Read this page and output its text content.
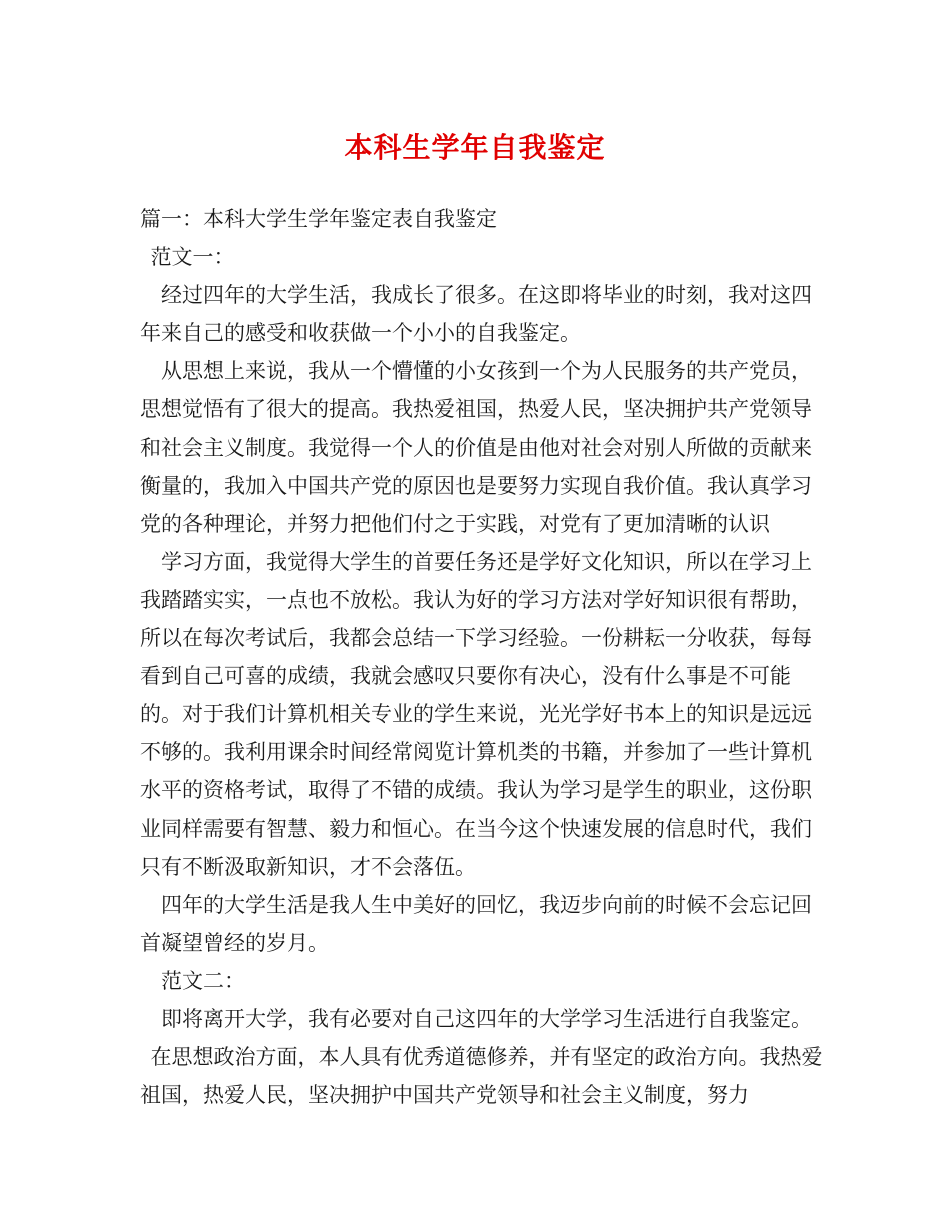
本科生学年自我鉴定

篇一：本科大学生学年鉴定表自我鉴定

范文一：

经过四年的大学生活，我成长了很多。在这即将毕业的时刻，我对这四年来自己的感受和收获做一个小小的自我鉴定。

从思想上来说，我从一个懵懂的小女孩到一个为人民服务的共产党员，思想觉悟有了很大的提高。我热爱祖国，热爱人民，坚决拥护共产党领导和社会主义制度。我觉得一个人的价值是由他对社会对别人所做的贡献来衡量的，我加入中国共产党的原因也是要努力实现自我价值。我认真学习党的各种理论，并努力把他们付之于实践，对党有了更加清晰的认识

学习方面，我觉得大学生的首要任务还是学好文化知识，所以在学习上我踏踏实实，一点也不放松。我认为好的学习方法对学好知识很有帮助，所以在每次考试后，我都会总结一下学习经验。一份耕耘一分收获，每每看到自己可喜的成绩，我就会感叹只要你有决心，没有什么事是不可能的。对于我们计算机相关专业的学生来说，光光学好书本上的知识是远远不够的。我利用课余时间经常阅览计算机类的书籍，并参加了一些计算机水平的资格考试，取得了不错的成绩。我认为学习是学生的职业，这份职业同样需要有智慧、毅力和恒心。在当今这个快速发展的信息时代，我们只有不断汲取新知识，才不会落伍。

四年的大学生活是我人生中美好的回忆，我迈步向前的时候不会忘记回首凝望曾经的岁月。

范文二：

即将离开大学，我有必要对自己这四年的大学学习生活进行自我鉴定。

在思想政治方面，本人具有优秀道德修养，并有坚定的政治方向。我热爱祖国，热爱人民，坚决拥护中国共产党领导和社会主义制度，努力
